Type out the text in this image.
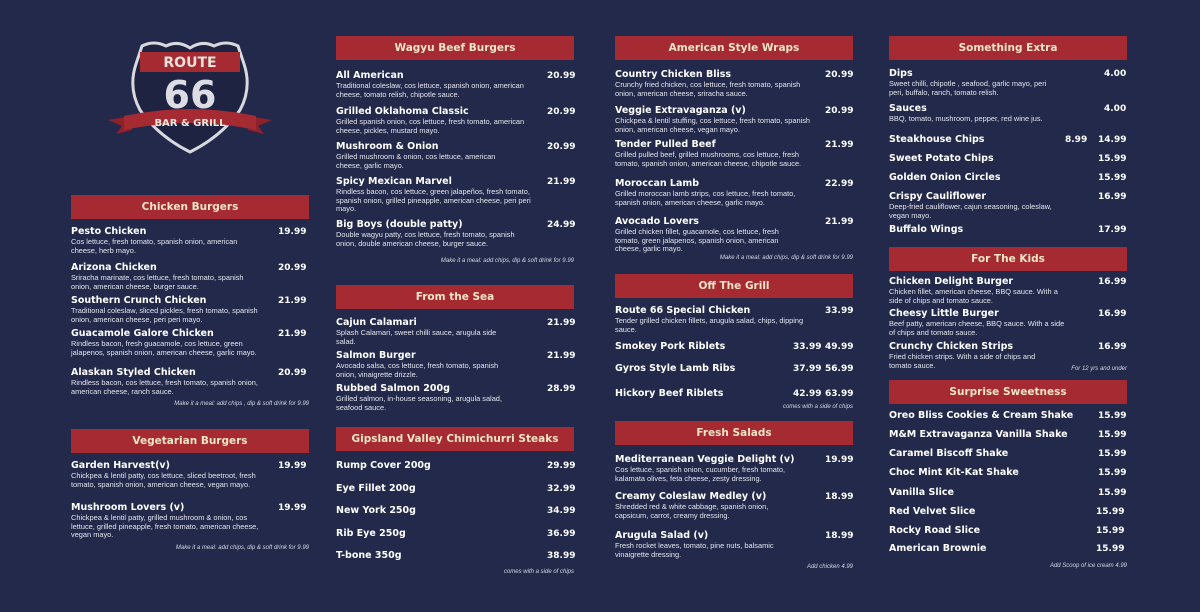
ROUTE
66
BAR & GRILL
Chicken Burgers
Pesto Chicken
Cos lettuce, fresh tomato, spanish onion, american cheese, herb mayo.
19.99
Arizona Chicken
Sriracha marinate, cos lettuce, fresh tomato, spanish onion, american cheese, burger sauce.
20.99
Southern Crunch Chicken
Traditional coleslaw, sliced pickles, fresh tomato, spanish onion, american cheese, peri peri mayo.
21.99
Guacamole Galore Chicken
Rindless bacon, fresh guacamole, cos lettuce, green jalapenos, spanish onion, american cheese, garlic mayo.
21.99
Alaskan Styled Chicken
Rindless bacon, cos lettuce, fresh tomato, spanish onion, american cheese, ranch sauce.
20.99
Make it a meal: add chips , dip & soft drink for 9.99
Vegetarian Burgers
Garden Harvest(v)
Chickpea & lentil patty, cos lettuce, sliced beetroot, fresh tomato, spanish onion, american cheese, vegan mayo.
19.99
Mushroom Lovers (v)
Chickpea & lentil patty, grilled mushroom & onion, cos lettuce, grilled pineapple, fresh tomato, american cheese, vegan mayo.
19.99
Make it a meal: add chips, dip & soft drink for 9.99
Wagyu Beef Burgers
All American
Traditional coleslaw, cos lettuce, spanish onion, american cheese, tomato relish, chipotle sauce.
20.99
Grilled Oklahoma Classic
Grilled spanish onion, cos lettuce, fresh tomato, american cheese, pickles, mustard mayo.
20.99
Mushroom & Onion
Grilled mushroom & onion, cos lettuce, american cheese, garlic mayo.
20.99
Spicy Mexican Marvel
Rindless bacon, cos lettuce, green jalapeños, fresh tomato, spanish onion, grilled pineapple, american cheese, peri peri mayo.
21.99
Big Boys (double patty)
Double wagyu patty, cos lettuce, fresh tomato, spanish onion, double american cheese, burger sauce.
24.99
Make it a meal: add chips, dip & soft drink for 9.99
From the Sea
Cajun Calamari
Splash Calamari, sweet chilli sauce, arugula side salad.
21.99
Salmon Burger
Avocado salsa, cos lettuce, fresh tomato, spanish onion, vinaigrette drizzle.
21.99
Rubbed Salmon 200g
Grilled salmon, in-house seasoning, arugula salad, seafood sauce.
28.99
Gipsland Valley Chimichurri Steaks
Rump Cover 200g	29.99
Eye Fillet 200g	32.99
New York 250g	34.99
Rib Eye 250g	36.99
T-bone 350g	38.99
comes with a side of chips
American Style Wraps
Country Chicken Bliss
Crunchy fried chicken, cos lettuce, fresh tomato, spanish onion, american cheese, sriracha sauce.
20.99
Veggie Extravaganza (v)
Chickpea & lentil stuffing, cos lettuce, fresh tomato, spanish onion, american cheese, vegan mayo.
20.99
Tender Pulled Beef
Grilled pulled beef, grilled mushrooms, cos lettuce, fresh tomato, spanish onion, american cheese, chipotle sauce.
21.99
Moroccan Lamb
Grilled moroccan lamb strips, cos lettuce, fresh tomato, spanish onion, american cheese, garlic mayo.
22.99
Avocado Lovers
Grilled chicken fillet, guacamole, cos lettuce, fresh tomato, green jalapenos, spanish onion, american cheese, garlic mayo.
21.99
Make it a meal: add chips, dip & soft drink for 9.99
Off The Grill
Route 66 Special Chicken
Tender grilled chicken fillets, arugula salad, chips, dipping sauce.
33.99
Smokey Pork Riblets	33.99 49.99
Gyros Style Lamb Ribs	37.99 56.99
Hickory Beef Riblets	42.99 63.99
comes with a side of chips
Fresh Salads
Mediterranean Veggie Delight (v)
Cos lettuce, spanish onion, cucumber, fresh tomato, kalamata olives, feta cheese, zesty dressing.
19.99
Creamy Coleslaw Medley (v)
Shredded red & white cabbage, spanish onion, capsicum, carrot, creamy dressing.
18.99
Arugula Salad (v)
Fresh rocket leaves, tomato, pine nuts, balsamic vinaigrette dressing.
18.99
Add chicken 4.99
Something Extra
Dips
Sweet chilli, chipotle , seafood, garlic mayo, peri peri, buffalo, ranch, tomato relish.
4.00
Sauces
BBQ, tomato, mushroom, pepper, red wine jus.
4.00
Steakhouse Chips	8.99 14.99
Sweet Potato Chips	15.99
Golden Onion Circles	15.99
Crispy Cauliflower
Deep-fried cauliflower, cajun seasoning, coleslaw, vegan mayo.
16.99
Buffalo Wings	17.99
For The Kids
Chicken Delight Burger
Chicken fillet, american cheese, BBQ sauce. With a side of chips and tomato sauce.
16.99
Cheesy Little Burger
Beef patty, american cheese, BBQ sauce. With a side of chips and tomato sauce.
16.99
Crunchy Chicken Strips
Fried chicken strips. With a side of chips and tomato sauce.
16.99
For 12 yrs and under
Surprise Sweetness
Oreo Bliss Cookies & Cream Shake	15.99
M&M Extravaganza Vanilla Shake	15.99
Caramel Biscoff Shake	15.99
Choc Mint Kit-Kat Shake	15.99
Vanilla Slice	15.99
Red Velvet Slice	15.99
Rocky Road Slice	15.99
American Brownie	15.99
Add Scoop of ice cream 4.99
